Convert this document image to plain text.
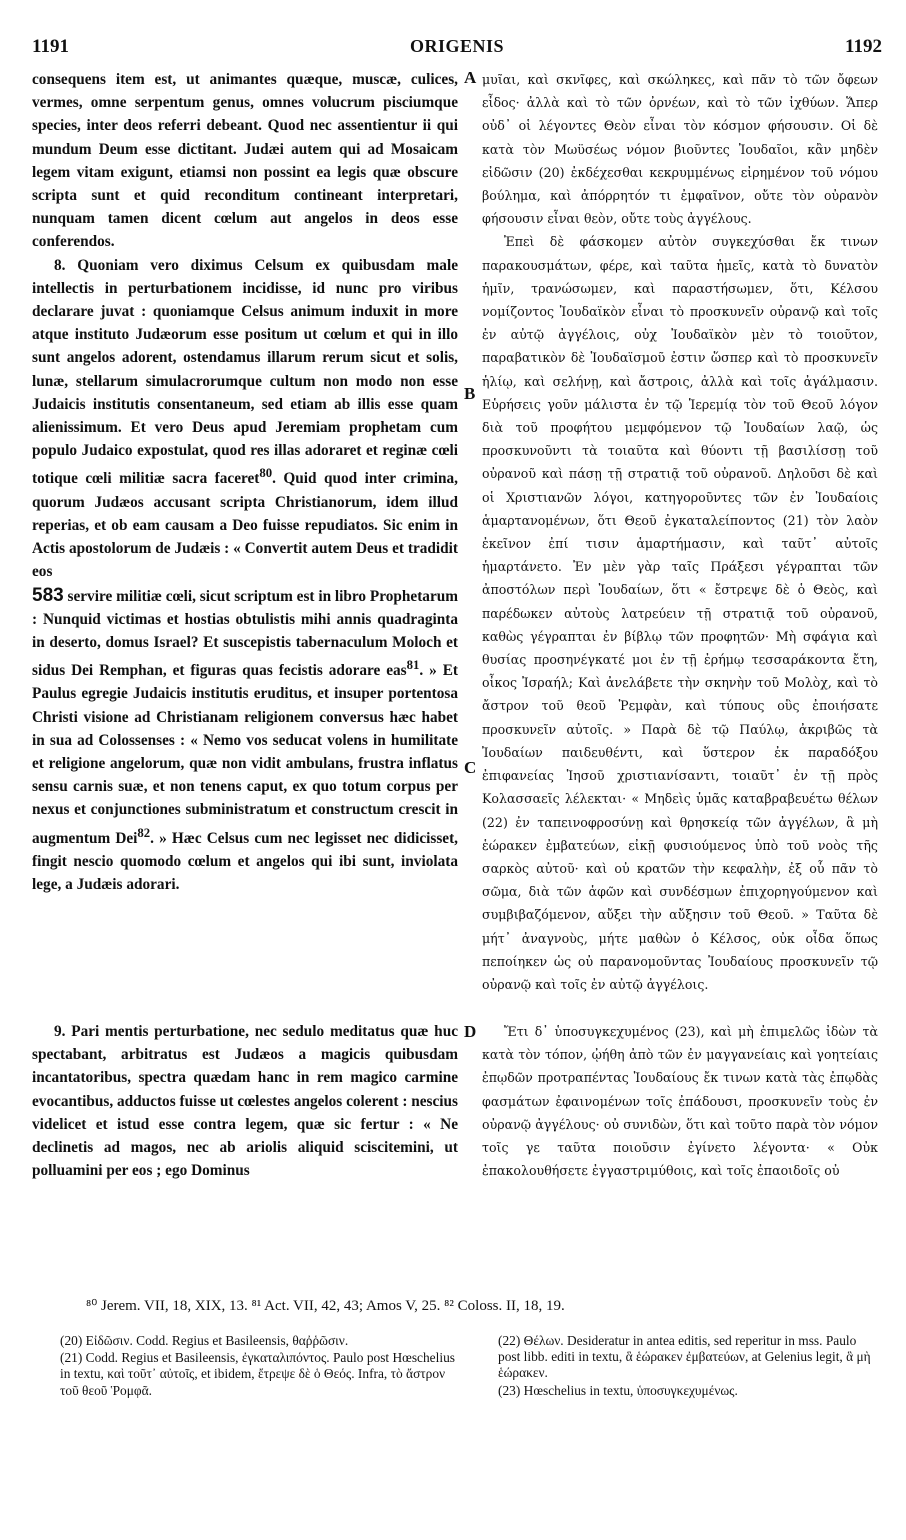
1191	ORIGENIS	1192

consequens item est, ut animantes quæque, muscæ, culices, vermes, omne serpentum genus, omnes volucrum pisciumque species, inter deos referri debeant. Quod nec assentientur ii qui mundum Deum esse dictitant. Judæi autem qui ad Mosaicam legem vitam exigunt, etiamsi non possint ea legis quæ obscure scripta sunt et quid reconditum contineant interpretari, nunquam tamen dicent cœlum aut angelos in deos esse conferendos.

8. Quoniam vero diximus Celsum ex quibusdam male intellectis in perturbationem incidisse, id nunc pro viribus declarare juvat : quoniamque Celsus animum induxit in more atque instituto Judæorum esse positum ut cœlum et qui in illo sunt angelos adorent, ostendamus illarum rerum sicut et solis, lunæ, stellarum simulacrorumque cultum non modo non esse Judaicis institutis consentaneum, sed etiam ab illis esse quam alienissimum. Et vero Deus apud Jeremiam prophetam cum populo Judaico expostulat, quod res illas adoraret et reginæ cœli totique cœli militiæ sacra faceret$^{80}$. Quid quod inter crimina, quorum Judæos accusant scripta Christianorum, idem illud reperias, et ob eam causam a Deo fuisse repudiatos. Sic enim in Actis apostolorum de Judæis : « Convertit autem Deus et tradidit eos
583 servire militiæ cœli, sicut scriptum est in libro Prophetarum : Nunquid victimas et hostias obtulistis mihi annis quadraginta in deserto, domus Israel? Et suscepistis tabernaculum Moloch et sidus Dei Remphan, et figuras quas fecistis adorare eas$^{81}$. » Et Paulus egregie Judaicis institutis eruditus, et insuper portentosa Christi visione ad Christianam religionem conversus hæc habet in sua ad Colossenses : « Nemo vos seducat volens in humilitate et religione angelorum, quæ non vidit ambulans, frustra inflatus sensu carnis suæ, et non tenens caput, ex quo totum corpus per nexus et conjunctiones subministratum et constructum crescit in augmentum Dei$^{82}$. » Hæc Celsus cum nec legisset nec didicisset, fingit nescio quomodo cœlum et angelos qui ibi sunt, inviolata lege, a Judæis adorari.

9. Pari mentis perturbatione, nec sedulo meditatus quæ huc spectabant, arbitratus est Judæos a magicis quibusdam incantatoribus, spectra quædam hanc in rem magico carmine evocantibus, adductos fuisse ut cœlestes angelos colerent : nescius videlicet et istud esse contra legem, quæ sic fertur : « Ne declinetis ad magos, nec ab ariolis aliquid sciscitemini, ut polluamini per eos ; ego Dominus

A
B
C
D

μυῖαι, καὶ σκνῖφες, καὶ σκώληκες, καὶ πᾶν τὸ τῶν ὄφεων εἶδος· ἀλλὰ καὶ τὸ τῶν ὀρνέων, καὶ τὸ τῶν ἰχθύων. Ἅπερ οὐδ᾽ οἱ λέγοντες Θεὸν εἶναι τὸν κόσμον φήσουσιν. Οἱ δὲ κατὰ τὸν Μωϋσέως νόμον βιοῦντες Ἰουδαῖοι, κἂν μηδὲν εἰδῶσιν (20) ἐκδέχεσθαι κεκρυμμένως εἰρημένον τοῦ νόμου βούλημα, καὶ ἀπόρρητόν τι ἐμφαῖνον, οὔτε τὸν οὐρανὸν φήσουσιν εἶναι θεὸν, οὔτε τοὺς ἀγγέλους.

Ἐπεὶ δὲ φάσκομεν αὐτὸν συγκεχύσθαι ἔκ τινων παρακουσμάτων, φέρε, καὶ ταῦτα ἡμεῖς, κατὰ τὸ δυνατὸν ἡμῖν, τρανώσωμεν, καὶ παραστήσωμεν, ὅτι, Κέλσου νομίζοντος Ἰουδαϊκὸν εἶναι τὸ προσκυνεῖν οὐρανῷ καὶ τοῖς ἐν αὐτῷ ἀγγέλοις, οὐχ Ἰουδαϊκὸν μὲν τὸ τοιοῦτον, παραβατικὸν δὲ Ἰουδαϊσμοῦ ἐστιν ὥσπερ καὶ τὸ προσκυνεῖν ἡλίῳ, καὶ σελήνῃ, καὶ ἄστροις, ἀλλὰ καὶ τοῖς ἀγάλμασιν. Εὑρήσεις γοῦν μάλιστα ἐν τῷ Ἱερεμίᾳ τὸν τοῦ Θεοῦ λόγον διὰ τοῦ προφήτου μεμφόμενον τῷ Ἰουδαίων λαῷ, ὡς προσκυνοῦντι τὰ τοιαῦτα καὶ θύοντι τῇ βασιλίσσῃ τοῦ οὐρανοῦ καὶ πάσῃ τῇ στρατιᾷ τοῦ οὐρανοῦ. Δηλοῦσι δὲ καὶ οἱ Χριστιανῶν λόγοι, κατηγοροῦντες τῶν ἐν Ἰουδαίοις ἁμαρτανομένων, ὅτι Θεοῦ ἐγκαταλείποντος (21) τὸν λαὸν ἐκεῖνον ἐπί τισιν ἁμαρτήμασιν, καὶ ταῦτ᾽ αὐτοῖς ἡμαρτάνετο. Ἐν μὲν γὰρ ταῖς Πράξεσι γέγραπται τῶν ἀποστόλων περὶ Ἰουδαίων, ὅτι « ἔστρεψε δὲ ὁ Θεὸς, καὶ παρέδωκεν αὐτοὺς λατρεύειν τῇ στρατιᾷ τοῦ οὐρανοῦ, καθὼς γέγραπται ἐν βίβλῳ τῶν προφητῶν· Μὴ σφάγια καὶ θυσίας προσηνέγκατέ μοι ἐν τῇ ἐρήμῳ τεσσαράκοντα ἔτη, οἶκος Ἰσραήλ; Καὶ ἀνελάβετε τὴν σκηνὴν τοῦ Μολὸχ, καὶ τὸ ἄστρον τοῦ θεοῦ Ῥεμφὰν, καὶ τύπους οὓς ἐποιήσατε προσκυνεῖν αὐτοῖς. » Παρὰ δὲ τῷ Παύλῳ, ἀκριβῶς τὰ Ἰουδαίων παιδευθέντι, καὶ ὕστερον ἐκ παραδόξου ἐπιφανείας Ἰησοῦ χριστιανίσαντι, τοιαῦτ᾽ ἐν τῇ πρὸς Κολασσαεῖς λέλεκται· « Μηδεὶς ὑμᾶς καταβραβευέτω θέλων (22) ἐν ταπεινοφροσύνῃ καὶ θρησκείᾳ τῶν ἀγγέλων, ἃ μὴ ἑώρακεν ἐμβατεύων, εἰκῇ φυσιούμενος ὑπὸ τοῦ νοὸς τῆς σαρκὸς αὐτοῦ· καὶ οὐ κρατῶν τὴν κεφαλὴν, ἐξ οὗ πᾶν τὸ σῶμα, διὰ τῶν ἁφῶν καὶ συνδέσμων ἐπιχορηγούμενον καὶ συμβιβαζόμενον, αὔξει τὴν αὔξησιν τοῦ Θεοῦ. » Ταῦτα δὲ μήτ᾽ ἀναγνοὺς, μήτε μαθὼν ὁ Κέλσος, οὐκ οἶδα ὅπως πεποίηκεν ὡς οὐ παρανομοῦντας Ἰουδαίους προσκυνεῖν τῷ οὐρανῷ καὶ τοῖς ἐν αὐτῷ ἀγγέλοις.

Ἔτι δ᾽ ὑποσυγκεχυμένος (23), καὶ μὴ ἐπιμελῶς ἰδὼν τὰ κατὰ τὸν τόπον, ᾠήθη ἀπὸ τῶν ἐν μαγγανείαις καὶ γοητείαις ἐπῳδῶν προτραπέντας Ἰουδαίους ἔκ τινων κατὰ τὰς ἐπῳδὰς φασμάτων ἐφαινομένων τοῖς ἐπάδουσι, προσκυνεῖν τοὺς ἐν οὐρανῷ ἀγγέλους· οὐ συνιδὼν, ὅτι καὶ τοῦτο παρὰ τὸν νόμον τοῖς γε ταῦτα ποιοῦσιν ἐγίνετο λέγοντα· « Οὐκ ἐπακολουθήσετε ἐγγαστριμύθοις, καὶ τοῖς ἐπαοιδοῖς οὐ

⁸⁰ Jerem. VII, 18, XIX, 13. ⁸¹ Act. VII, 42, 43; Amos V, 25. ⁸² Coloss. II, 18, 19.

(20) Εἰδῶσιν. Codd. Regius et Basileensis, θαῤῥῶσιν.

(21) Codd. Regius et Basileensis, ἐγκαταλιπόντος. Paulo post Hœschelius in textu, καὶ τοῦτ᾽ αὐτοῖς, et ibidem, ἔτρεψε δὲ ὁ Θεός. Infra, τὸ ἄστρον τοῦ θεοῦ Ῥομφᾶ.

(22) Θέλων. Desideratur in antea editis, sed reperitur in mss. Paulo post libb. editi in textu, ἃ ἑώρακεν ἐμβατεύων, at Gelenius legit, ἃ μὴ ἑώρακεν.

(23) Hœschelius in textu, ὑποσυγκεχυμένως.
